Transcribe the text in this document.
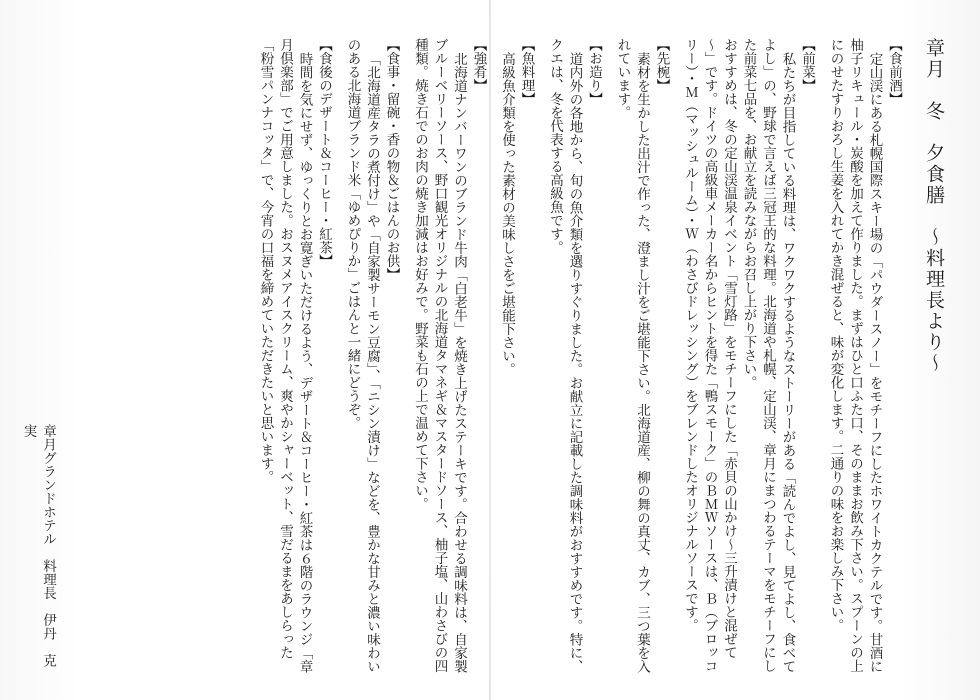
章月　冬　夕食膳　～料理長より～
【食前酒】
定山渓にある札幌国際スキー場の「パウダースノー」をモチーフにしたホワイトカクテルです。甘酒に柚子リキュール・炭酸を加えて作りました。まずはひと口ふた口、そのままお飲み下さい。スプーンの上にのせたすりおろし生姜を入れてかき混ぜると、味が変化します。二通りの味をお楽しみ下さい。
【前菜】
私たちが目指している料理は、ワクワクするようなストーリーがある「読んでよし、見てよし、食べてよし」の、野球で言えば三冠王的な料理。北海道や札幌、定山渓、章月にまつわるテーマをモチーフにした前菜七品を、お献立を読みながらお召し上がり下さい。
おすすめは、冬の定山渓温泉イベント「雪灯路」をモチーフにした「赤貝の山かけ～三升漬けと混ぜて～」です。ドイツの高級車メーカー名からヒントを得た「鴨スモーク」のＢＭＷソースは、Ｂ（ブロッコリー）・Ｍ（マッシュルーム）・Ｗ（わさびドレッシング）をブレンドしたオリジナルソースです。
【先椀】
素材を生かした出汁で作った、澄まし汁をご堪能下さい。北海道産、柳の舞の真丈、カブ、三つ葉を入れています。
【お造り】
道内外の各地から、旬の魚介類を選りすぐりました。お献立に記載した調味料がおすすめです。特に、クエは、冬を代表する高級魚です。
【魚料理】
高級魚介類を使った素材の美味しさをご堪能下さい。
【強肴】
北海道ナンバーワンのブランド牛肉「白老牛」を焼き上げたステーキです。合わせる調味料は、自家製ブルーベリーソース、野口観光オリジナルの北海道タマネギ＆マスタードソース、柚子塩、山わさびの四種類。焼き石でのお肉の焼き加減はお好みで。野菜も石の上で温めて下さい。
【食事・留碗・香の物＆ごはんのお供】
「北海道産タラの煮付け」や「自家製サーモン豆腐」、「ニシン漬け」などを、豊かな甘みと濃い味わいのある北海道ブランド米「ゆめぴりか」ごはんと一緒にどうぞ。
【食後のデザート＆コーヒー・紅茶】
時間を気にせず、ゆっくりとお寛ぎいただけるよう、デザート＆コーヒー・紅茶は６階のラウンジ「章月倶楽部」でご用意しました。おスヌメアイスクリーム、爽やかシャーベット、雪だるまをあしらった「粉雪パンナコッタ」で、今宵の口福を締めていただきたいと思います。
章月グランドホテル　料理長　伊丹　克実
